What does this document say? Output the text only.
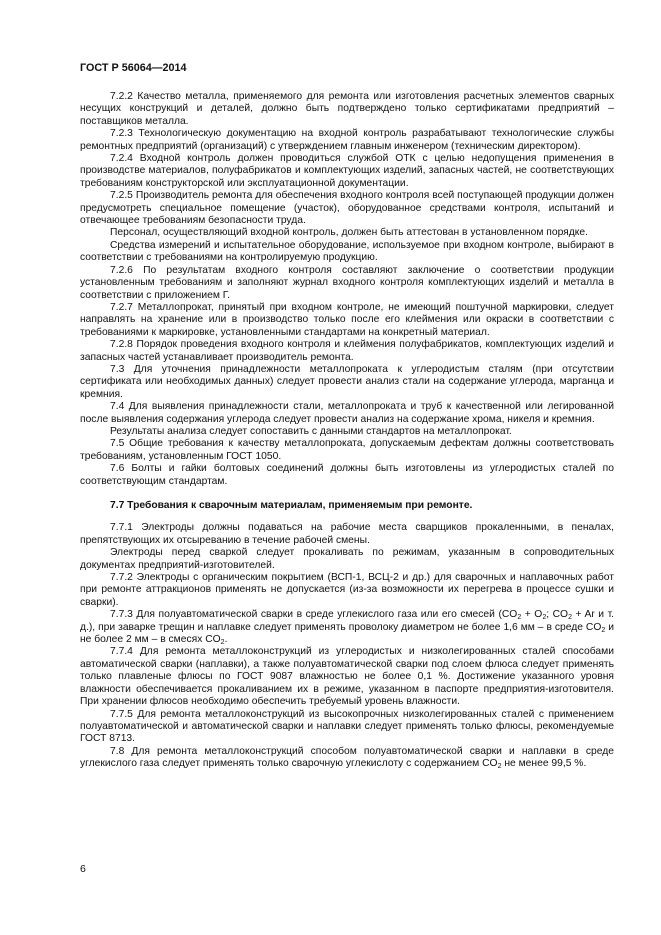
ГОСТ Р 56064—2014

7.2.2 Качество металла, применяемого для ремонта или изготовления расчетных элементов сварных несущих конструкций и деталей, должно быть подтверждено только сертификатами предприятий – поставщиков металла.

7.2.3 Технологическую документацию на входной контроль разрабатывают технологические службы ремонтных предприятий (организаций) с утверждением главным инженером (техническим директором).

7.2.4 Входной контроль должен проводиться службой ОТК с целью недопущения применения в производстве материалов, полуфабрикатов и комплектующих изделий, запасных частей, не соответствующих требованиям конструкторской или эксплуатационной документации.

7.2.5 Производитель ремонта для обеспечения входного контроля всей поступающей продукции должен предусмотреть специальное помещение (участок), оборудованное средствами контроля, испытаний и отвечающее требованиям безопасности труда.

Персонал, осуществляющий входной контроль, должен быть аттестован в установленном порядке.

Средства измерений и испытательное оборудование, используемое при входном контроле, выбирают в соответствии с требованиями на контролируемую продукцию.

7.2.6 По результатам входного контроля составляют заключение о соответствии продукции установленным требованиям и заполняют журнал входного контроля комплектующих изделий и металла в соответствии с приложением Г.

7.2.7 Металлопрокат, принятый при входном контроле, не имеющий поштучной маркировки, следует направлять на хранение или в производство только после его клеймения или окраски в соответствии с требованиями к маркировке, установленными стандартами на конкретный материал.

7.2.8 Порядок проведения входного контроля и клеймения полуфабрикатов, комплектующих изделий и запасных частей устанавливает производитель ремонта.

7.3 Для уточнения принадлежности металлопроката к углеродистым сталям (при отсутствии сертификата или необходимых данных) следует провести анализ стали на содержание углерода, марганца и кремния.

7.4 Для выявления принадлежности стали, металлопроката и труб к качественной или легированной после выявления содержания углерода следует провести анализ на содержание хрома, никеля и кремния.

Результаты анализа следует сопоставить с данными стандартов на металлопрокат.

7.5 Общие требования к качеству металлопроката, допускаемым дефектам должны соответствовать требованиям, установленным ГОСТ 1050.

7.6 Болты и гайки болтовых соединений должны быть изготовлены из углеродистых сталей по соответствующим стандартам.

7.7 Требования к сварочным материалам, применяемым при ремонте.

7.7.1 Электроды должны подаваться на рабочие места сварщиков прокаленными, в пеналах, препятствующих их отсыреванию в течение рабочей смены.

Электроды перед сваркой следует прокаливать по режимам, указанным в сопроводительных документах предприятий-изготовителей.

7.7.2 Электроды с органическим покрытием (ВСП-1, ВСЦ-2 и др.) для сварочных и наплавочных работ при ремонте аттракционов применять не допускается (из-за возможности их перегрева в процессе сушки и сварки).

7.7.3 Для полуавтоматической сварки в среде углекислого газа или его смесей ($CO_2 + O_2$; $CO_2 + Ar$ и т. д.), при заварке трещин и наплавке следует применять проволоку диаметром не более 1,6 мм – в среде $CO_2$ и не более 2 мм – в смесях $CO_2$.

7.7.4 Для ремонта металлоконструкций из углеродистых и низколегированных сталей способами автоматической сварки (наплавки), а также полуавтоматической сварки под слоем флюса следует применять только плавленые флюсы по ГОСТ 9087 влажностью не более 0,1 %. Достижение указанного уровня влажности обеспечивается прокаливанием их в режиме, указанном в паспорте предприятия-изготовителя. При хранении флюсов необходимо обеспечить требуемый уровень влажности.

7.7.5 Для ремонта металлоконструкций из высокопрочных низколегированных сталей с применением полуавтоматической и автоматической сварки и наплавки следует применять только флюсы, рекомендуемые ГОСТ 8713.

7.8 Для ремонта металлоконструкций способом полуавтоматической сварки и наплавки в среде углекислого газа следует применять только сварочную углекислоту с содержанием $CO_2$ не менее 99,5 %.

6
